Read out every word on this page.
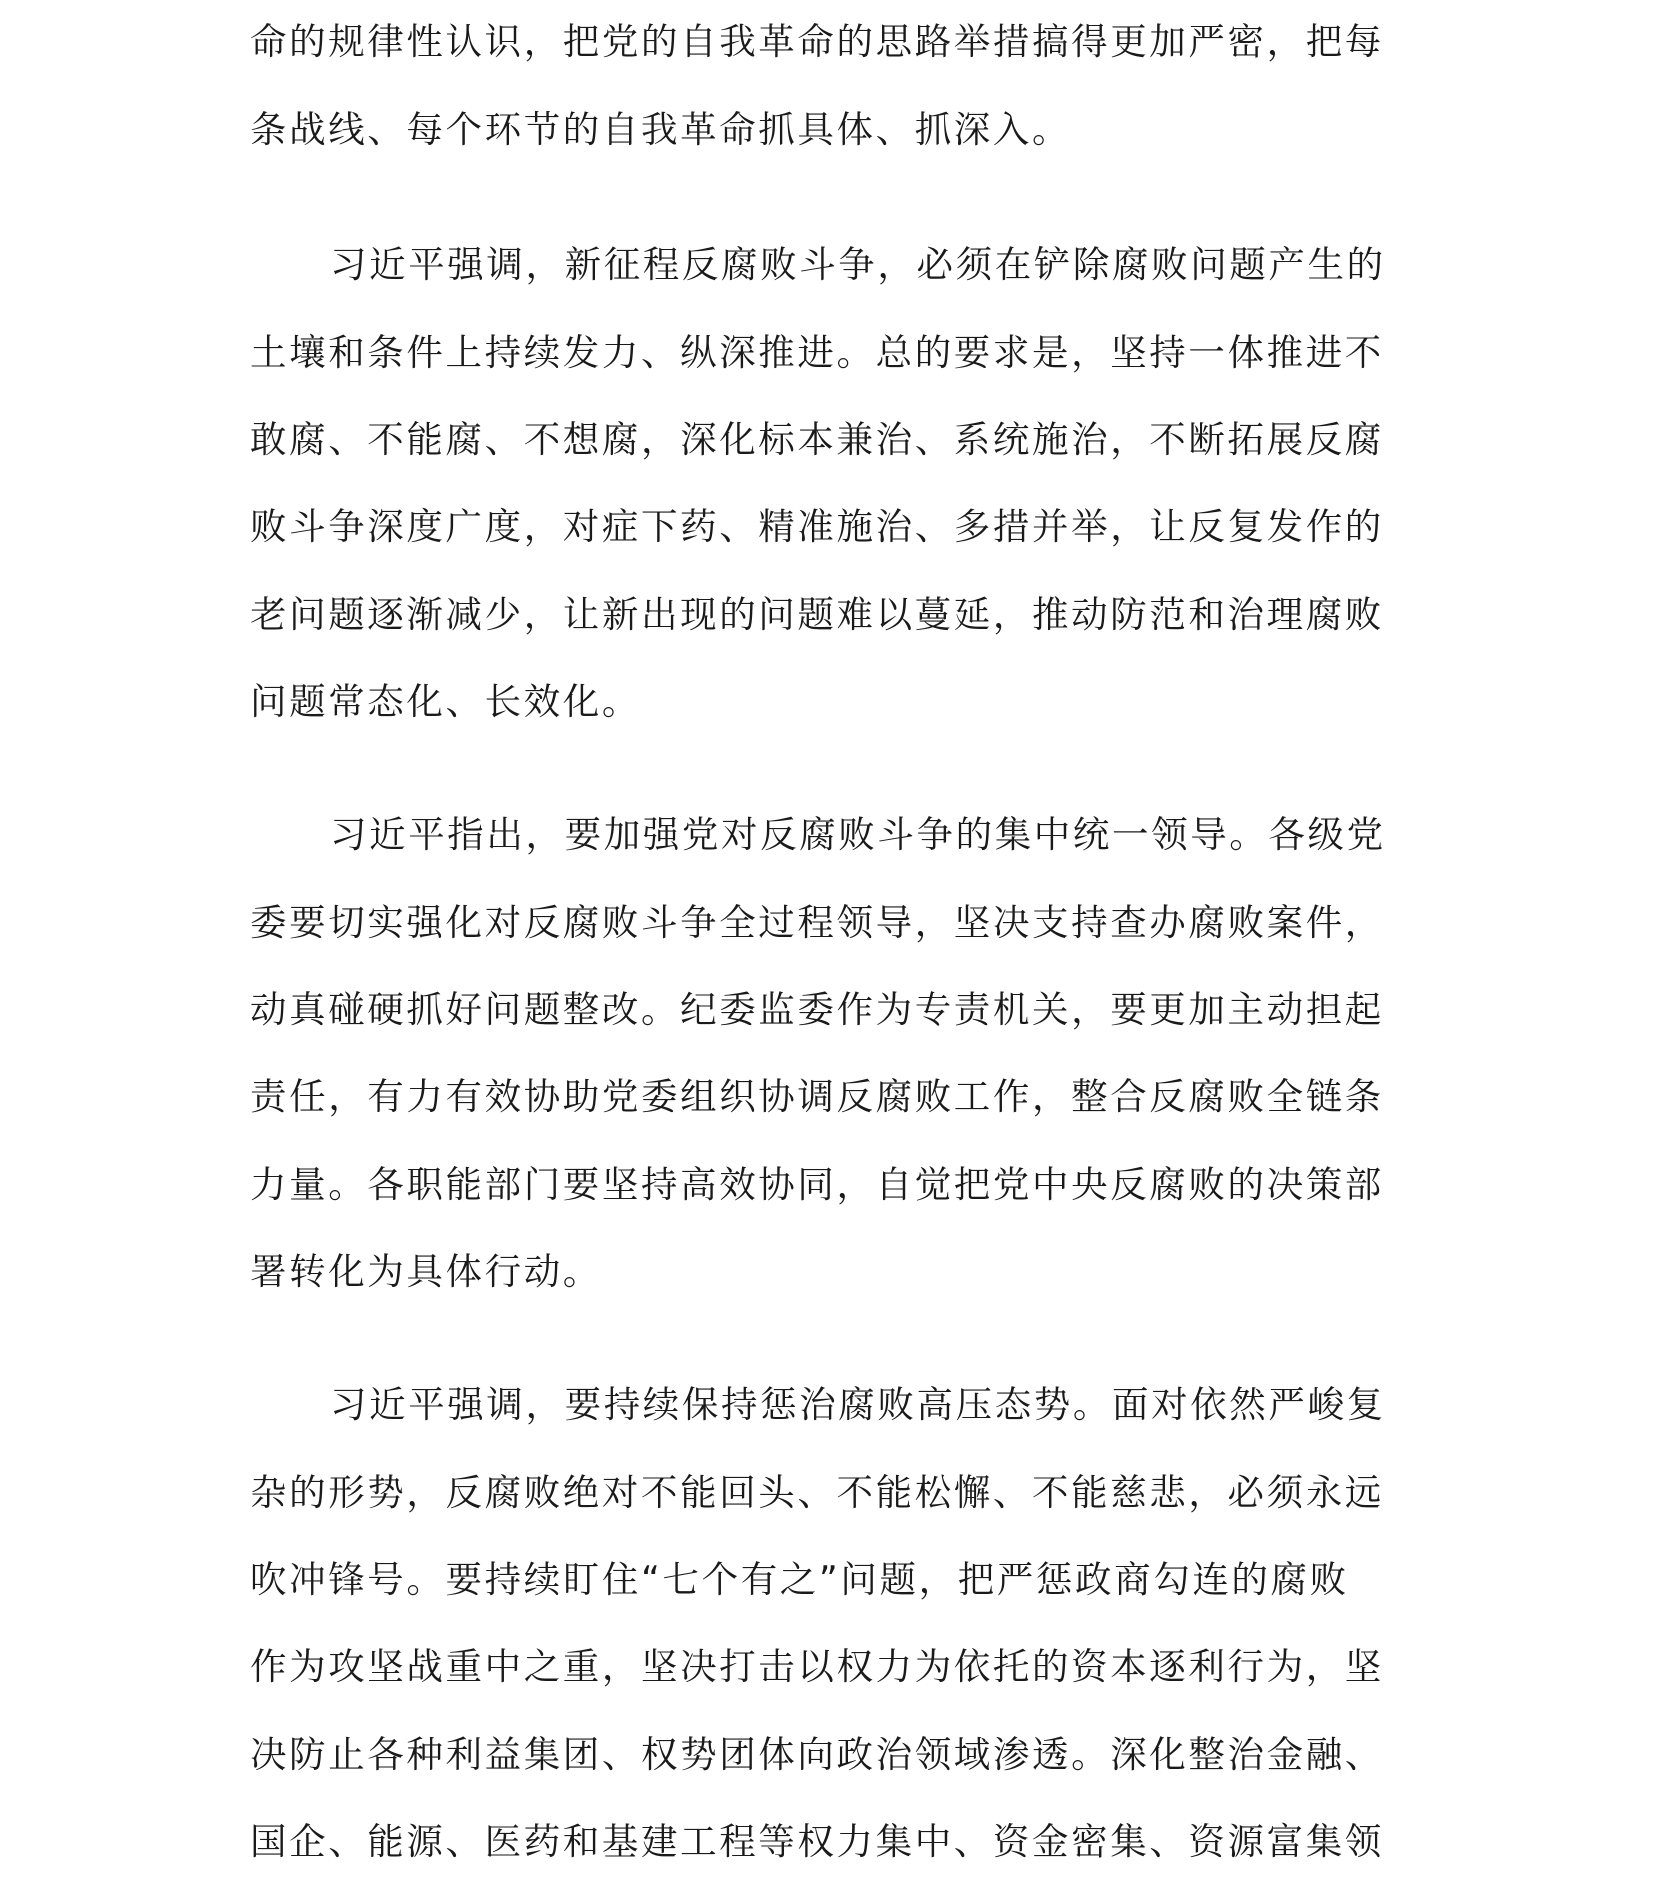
命的规律性认识，把党的自我革命的思路举措搞得更加严密，把每
条战线、每个环节的自我革命抓具体、抓深入。
习近平强调，新征程反腐败斗争，必须在铲除腐败问题产生的
土壤和条件上持续发力、纵深推进。总的要求是，坚持一体推进不
敢腐、不能腐、不想腐，深化标本兼治、系统施治，不断拓展反腐
败斗争深度广度，对症下药、精准施治、多措并举，让反复发作的
老问题逐渐减少，让新出现的问题难以蔓延，推动防范和治理腐败
问题常态化、长效化。
习近平指出，要加强党对反腐败斗争的集中统一领导。各级党
委要切实强化对反腐败斗争全过程领导，坚决支持查办腐败案件，
动真碰硬抓好问题整改。纪委监委作为专责机关，要更加主动担起
责任，有力有效协助党委组织协调反腐败工作，整合反腐败全链条
力量。各职能部门要坚持高效协同，自觉把党中央反腐败的决策部
署转化为具体行动。
习近平强调，要持续保持惩治腐败高压态势。面对依然严峻复
杂的形势，反腐败绝对不能回头、不能松懈、不能慈悲，必须永远
吹冲锋号。要持续盯住“七个有之”问题，把严惩政商勾连的腐败
作为攻坚战重中之重，坚决打击以权力为依托的资本逐利行为，坚
决防止各种利益集团、权势团体向政治领域渗透。深化整治金融、
国企、能源、医药和基建工程等权力集中、资金密集、资源富集领
